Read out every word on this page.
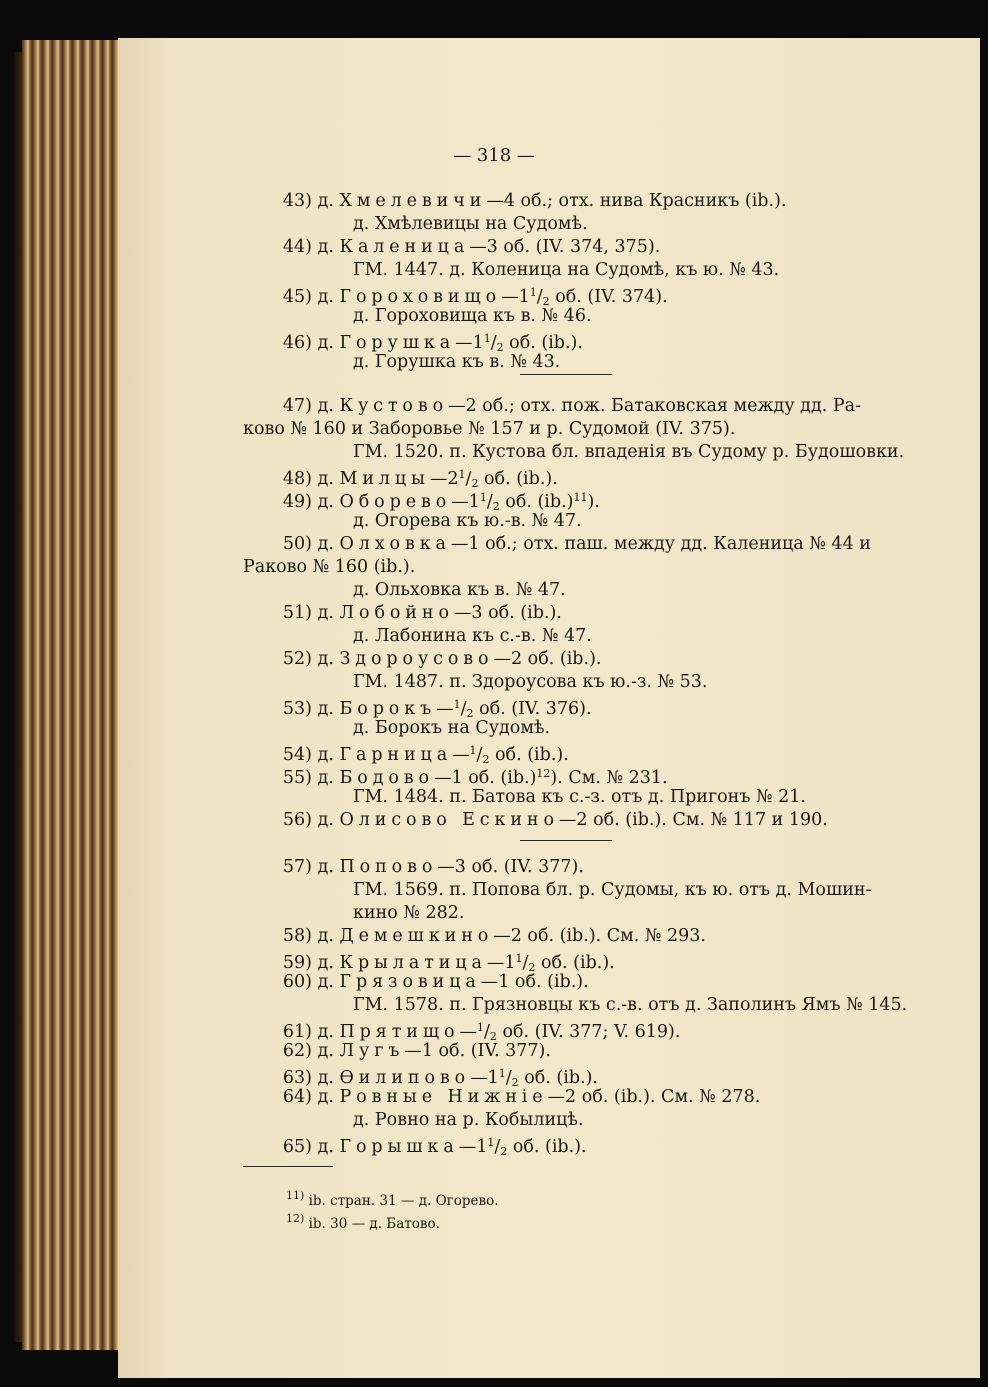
— 318 —
43) д. Хмелевичи—4 об.; отх. нива Красникъ (ib.).
д. Хмѣлевицы на Судомѣ.
44) д. Каленица—3 об. (IV. 374, 375).
ГМ. 1447. д. Коленица на Судомѣ, къ ю. № 43.
45) д. $Гороховищо—1^1/_2$ об. (IV. 374).
д. Гороховища къ в. № 46.
46) д. $Горушка—1^1/_2$ об. (ib.).
д. Горушка къ в. № 43.
47) д. Кустово—2 об.; отх. пож. Батаковская между дд. Ра-
ково № 160 и Заборовье № 157 и р. Судомой (IV. 375).
ГМ. 1520. п. Кустова бл. впаденія въ Судому р. Будошовки.
48) д. $Милцы—2^1/_2$ об. (ib.).
49) д. $Оборево—1^1/_2$ об. $(ib.)^{11}$).
д. Огорева къ ю.-в. № 47.
50) д. Олховка—1 об.; отх. паш. между дд. Каленица № 44 и
Раково № 160 (ib.).
д. Ольховка къ в. № 47.
51) д. Лобойно—3 об. (ib.).
д. Лабонина къ с.-в. № 47.
52) д. Здороусово—2 об. (ib.).
ГМ. 1487. п. Здороусова къ ю.-з. № 53.
53) д. $Борокъ—^1/_2$ об. (IV. 376).
д. Борокъ на Судомѣ.
54) д. $Гарница—^1/_2$ об. (ib.).
55) д. Бодово—1 об. $(ib.)^{12}$). См. № 231.
ГМ. 1484. п. Батова къ с.-з. отъ д. Пригонъ № 21.
56) д. Олисово Ескино—2 об. (ib.). См. № 117 и 190.
57) д. Попово—3 об. (IV. 377).
ГМ. 1569. п. Попова бл. р. Судомы, къ ю. отъ д. Мошин-
кино № 282.
58) д. Демешкино—2 об. (ib.). См. № 293.
59) д. $Крылатица—1^1/_2$ об. (ib.).
60) д. Грязовица—1 об. (ib.).
ГМ. 1578. п. Грязновцы къ с.-в. отъ д. Заполинъ Ямъ № 145.
61) д. $Прятищо—^1/_2$ об. (IV. 377; V. 619).
62) д. Лугъ—1 об. (IV. 377).
63) д. $Өилипово—1^1/_2$ об. (ib.).
64) д. Ровные Нижніе—2 об. (ib.). См. № 278.
д. Ровно на р. Кобылицѣ.
65) д. $Горышка—1^1/_2$ об. (ib.).
$^{11)}$ ib. стран. 31 — д. Огорево.
$^{12)}$ ib. 30 — д. Батово.
